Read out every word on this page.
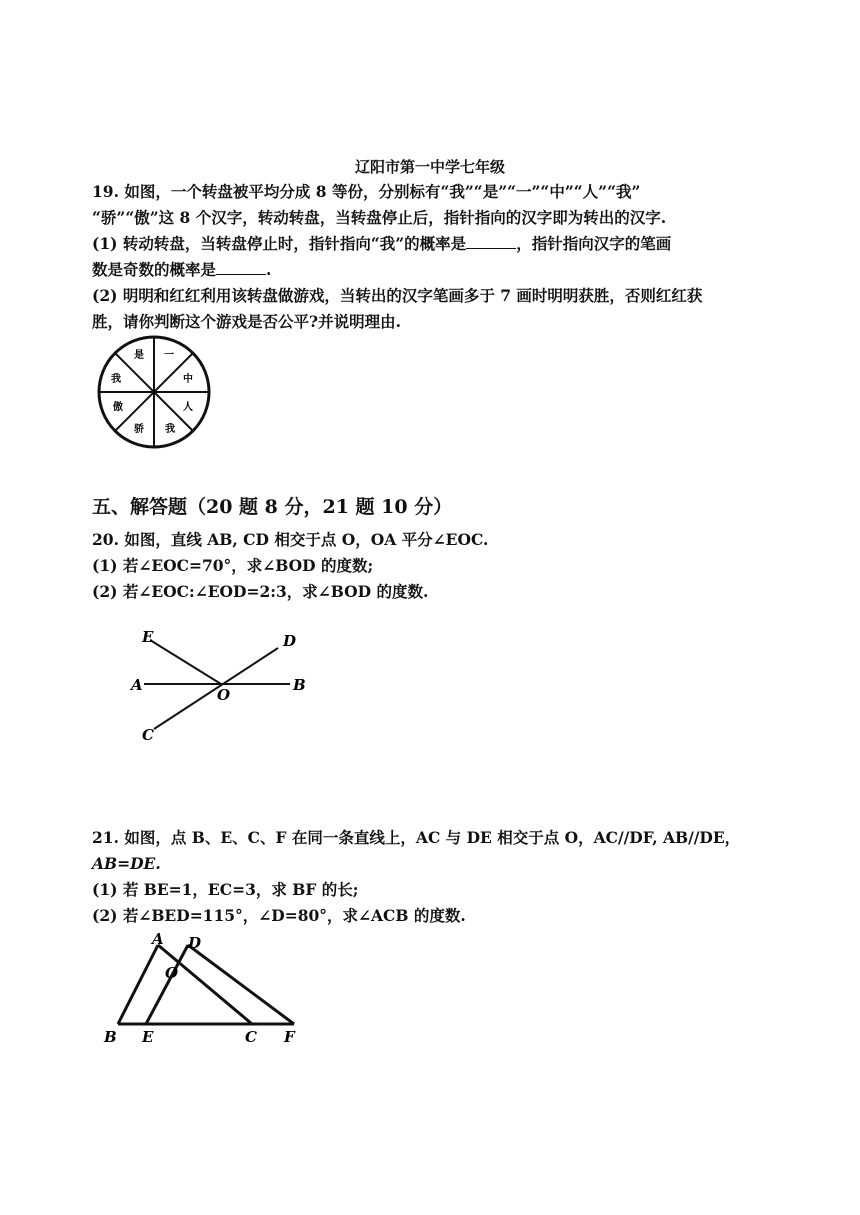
辽阳市第一中学七年级
19. 如图，一个转盘被平均分成 8 等份，分别标有“我”“是”“一”“中”“人”“我”
“骄”“傲”这 8 个汉字，转动转盘，当转盘停止后，指针指向的汉字即为转出的汉字.
(1) 转动转盘，当转盘停止时，指针指向“我”的概率是	，指针指向汉字的笔画
数是奇数的概率是	.
(2) 明明和红红利用该转盘做游戏，当转出的汉字笔画多于 7 画时明明获胜，否则红红获
胜，请你判断这个游戏是否公平?并说明理由.
是 一
中
人
我
骄
傲
我
五、解答题（20 题 8 分，21 题 10 分）
20. 如图，直线 AB, CD 相交于点 O，OA 平分∠EOC.
(1) 若∠EOC=70°，求∠BOD 的度数;
(2) 若∠EOC:∠EOD=2:3，求∠BOD 的度数.
E	D
A
O
B
C
21. 如图，点 B、E、C、F 在同一条直线上，AC 与 DE 相交于点 O，AC//DF, AB//DE，
AB=DE.
(1) 若 BE=1，EC=3，求 BF 的长;
(2) 若∠BED=115°，∠D=80°，求∠ACB 的度数.
A D
O
B E	C F
